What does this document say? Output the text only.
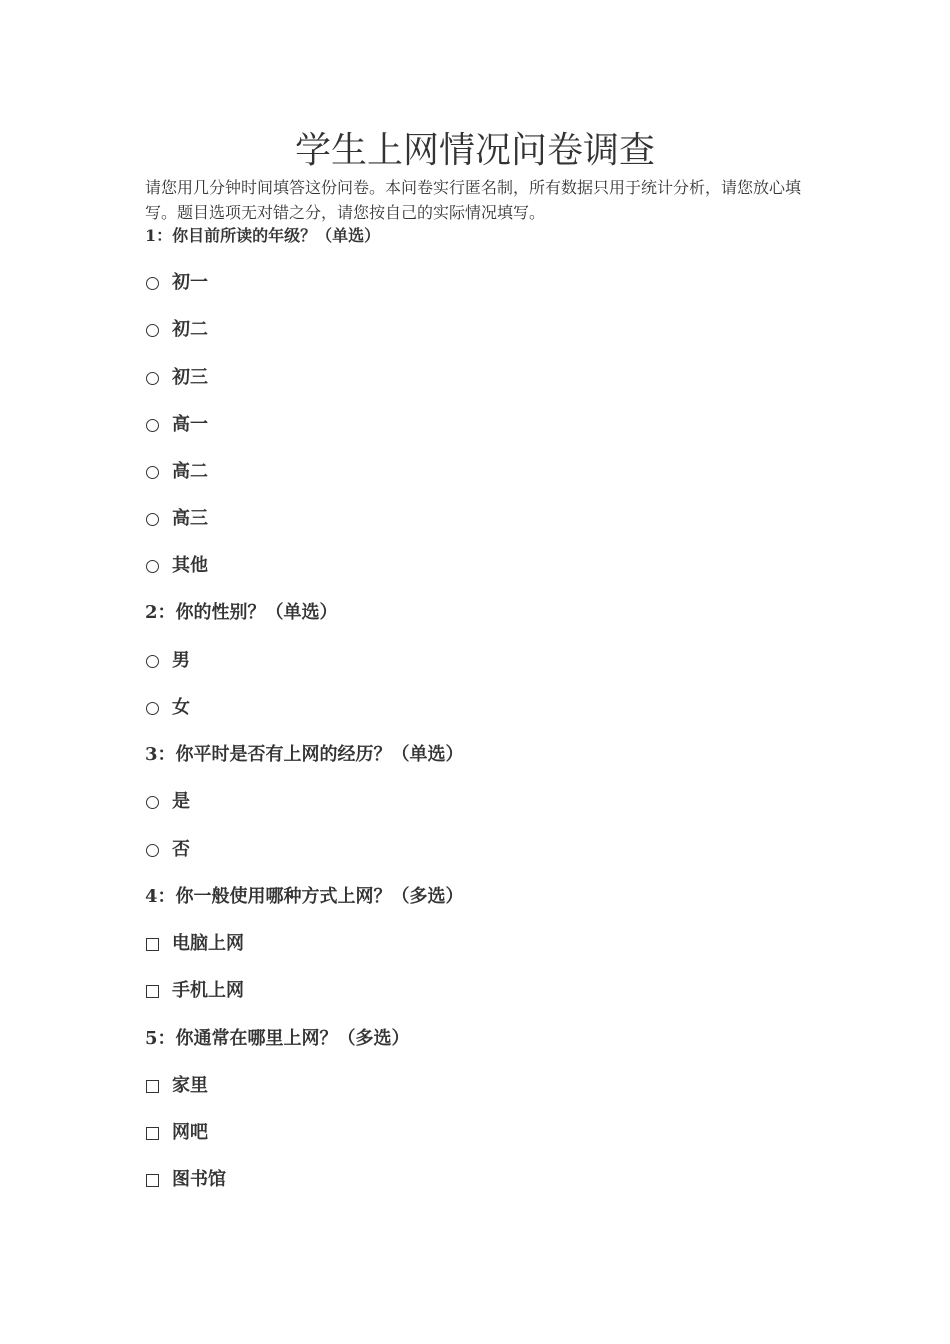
学生上网情况问卷调查
请您用几分钟时间填答这份问卷。本问卷实行匿名制，所有数据只用于统计分析，请您放心填写。题目选项无对错之分，请您按自己的实际情况填写。
1：你目前所读的年级？（单选）
初一
初二
初三
高一
高二
高三
其他
2：你的性别？（单选）
男
女
3：你平时是否有上网的经历？（单选）
是
否
4：你一般使用哪种方式上网？（多选）
电脑上网
手机上网
5：你通常在哪里上网？（多选）
家里
网吧
图书馆
